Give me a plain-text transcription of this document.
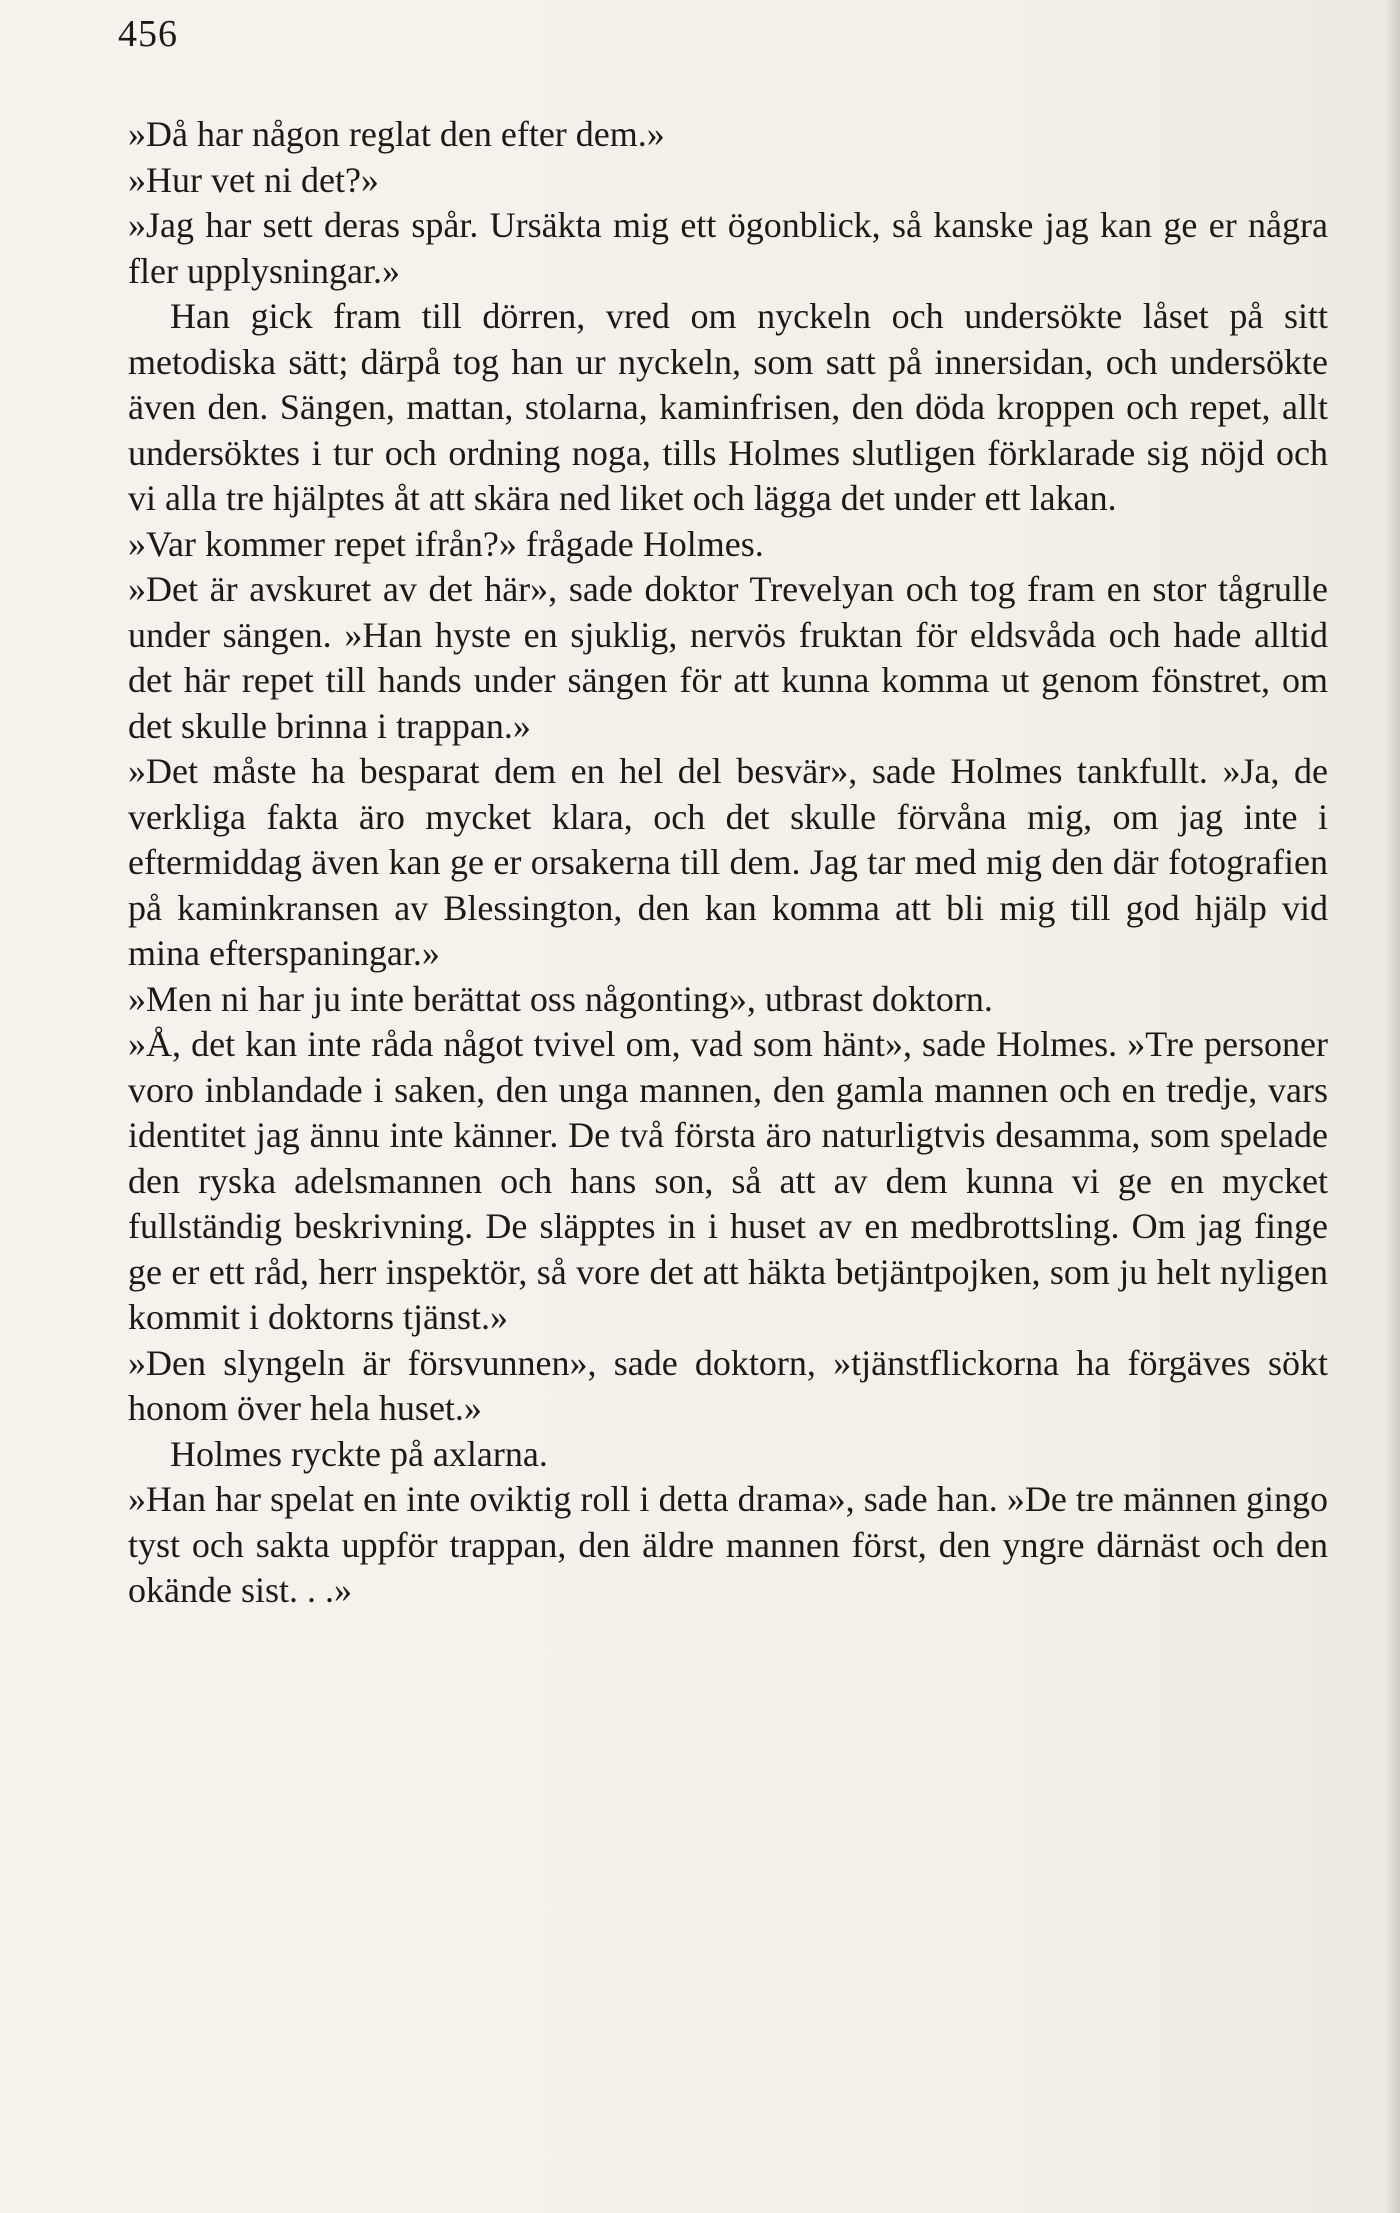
456

»Då har någon reglat den efter dem.»

»Hur vet ni det?»

»Jag har sett deras spår. Ursäkta mig ett ögonblick, så kanske jag kan ge er några fler upplysningar.»

Han gick fram till dörren, vred om nyckeln och undersökte låset på sitt metodiska sätt; därpå tog han ur nyckeln, som satt på innersidan, och undersökte även den. Sängen, mattan, stolarna, kaminfrisen, den döda kroppen och repet, allt undersöktes i tur och ordning noga, tills Holmes slutligen förklarade sig nöjd och vi alla tre hjälptes åt att skära ned liket och lägga det under ett lakan.

»Var kommer repet ifrån?» frågade Holmes.

»Det är avskuret av det här», sade doktor Trevelyan och tog fram en stor tågrulle under sängen. »Han hyste en sjuklig, nervös fruktan för eldsvåda och hade alltid det här repet till hands under sängen för att kunna komma ut genom fönstret, om det skulle brinna i trappan.»

»Det måste ha besparat dem en hel del besvär», sade Holmes tankfullt. »Ja, de verkliga fakta äro mycket klara, och det skulle förvåna mig, om jag inte i eftermiddag även kan ge er orsakerna till dem. Jag tar med mig den där fotografien på kaminkransen av Blessington, den kan komma att bli mig till god hjälp vid mina efterspaningar.»

»Men ni har ju inte berättat oss någonting», utbrast doktorn.

»Å, det kan inte råda något tvivel om, vad som hänt», sade Holmes. »Tre personer voro inblandade i saken, den unga mannen, den gamla mannen och en tredje, vars identitet jag ännu inte känner. De två första äro naturligtvis desamma, som spelade den ryska adelsmannen och hans son, så att av dem kunna vi ge en mycket fullständig beskrivning. De släpptes in i huset av en medbrottsling. Om jag finge ge er ett råd, herr inspektör, så vore det att häkta betjäntpojken, som ju helt nyligen kommit i doktorns tjänst.»

»Den slyngeln är försvunnen», sade doktorn, »tjänstflickorna ha förgäves sökt honom över hela huset.»

Holmes ryckte på axlarna.

»Han har spelat en inte oviktig roll i detta drama», sade han. »De tre männen gingo tyst och sakta uppför trappan, den äldre mannen först, den yngre därnäst och den okände sist. . .»
